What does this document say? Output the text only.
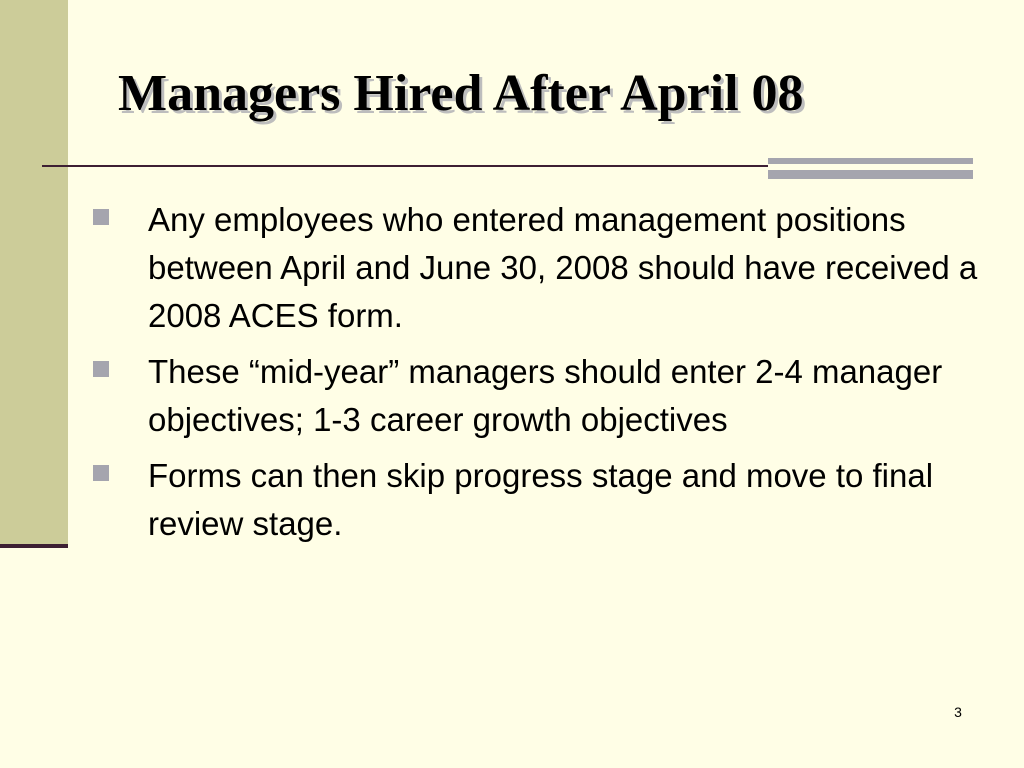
Managers Hired After April 08
Any employees who entered management positions between April and June 30, 2008 should have received a 2008 ACES form.
These “mid-year” managers should enter 2-4 manager objectives; 1-3 career growth objectives
Forms can then skip progress stage and move to final review stage.
3
